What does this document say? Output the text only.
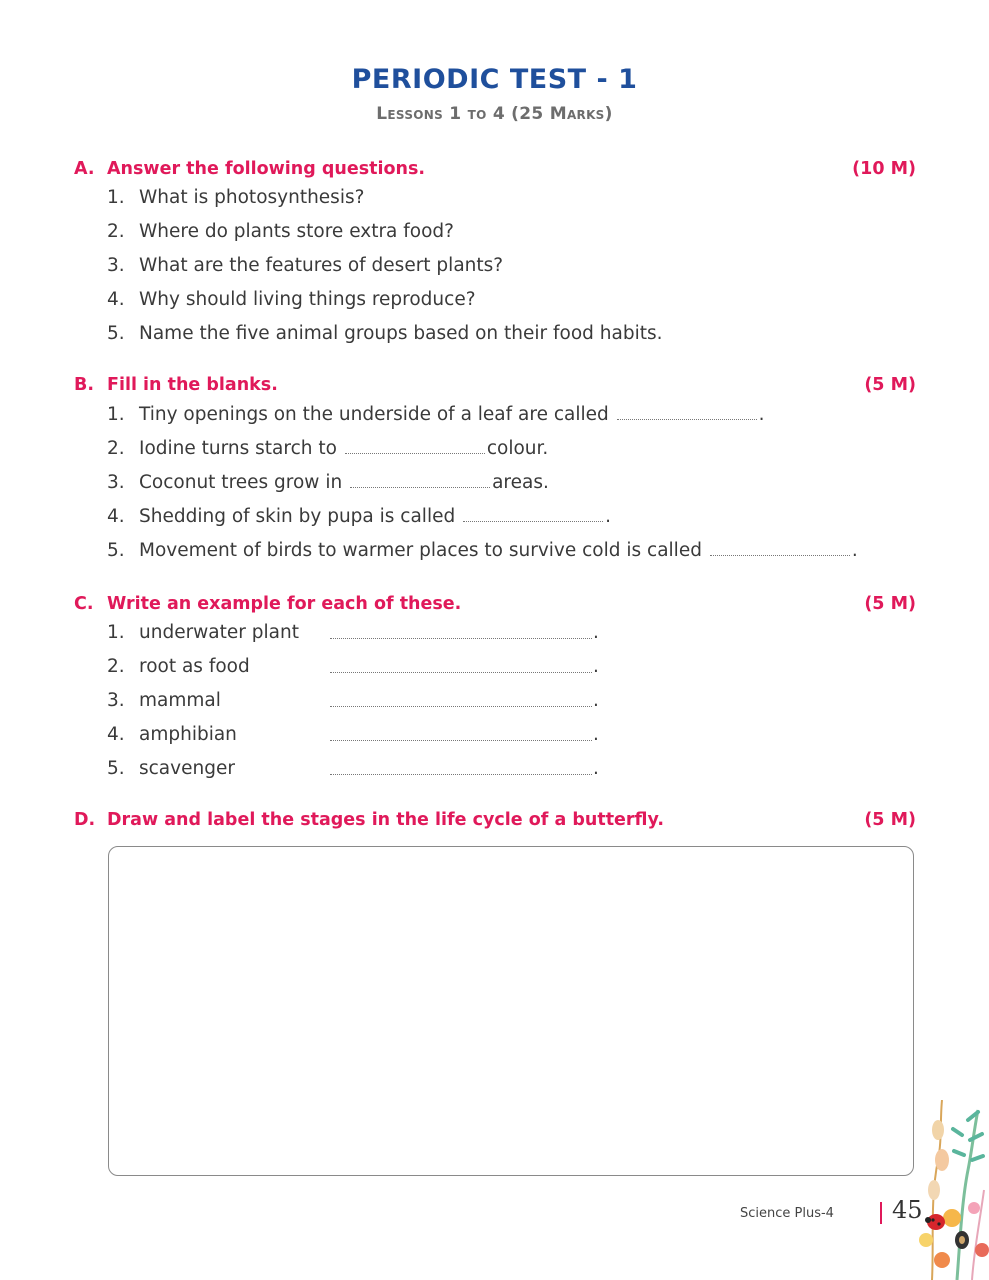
PERIODIC TEST - 1
Lessons 1 to 4 (25 Marks)
A. Answer the following questions.	(10 M)
1. What is photosynthesis?
2. Where do plants store extra food?
3. What are the features of desert plants?
4. Why should living things reproduce?
5. Name the five animal groups based on their food habits.
B. Fill in the blanks.	(5 M)
1. Tiny openings on the underside of a leaf are called	.
2. Iodine turns starch to	colour.
3. Coconut trees grow in	areas.
4. Shedding of skin by pupa is called	.
5. Movement of birds to warmer places to survive cold is called	.
C. Write an example for each of these.	(5 M)
1. underwater plant	.
2. root as food	.
3. mammal	.
4. amphibian	.
5. scavenger	.
D. Draw and label the stages in the life cycle of a butterfly.	(5 M)
Science Plus-4 45
